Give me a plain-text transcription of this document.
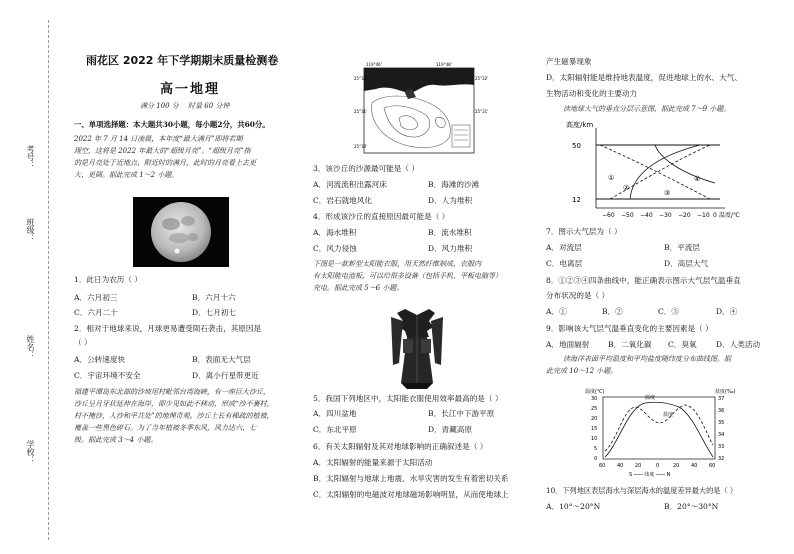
考号：
班级：
姓名：
学校：
雨花区 2022 年下学期期末质量检测卷
高一地理
满分 100 分　 时量 60 分钟
一、单项选择题：本大题共30小题，每小题2分，共60分。
2022 年 7 月 14 日凌晨，本年度“最大满月”即将若期
现空，这将是 2022 年最大的“超级月亮”。“超级月亮”指
的是月亮处于近地点、附近时的满月，此时的月亮看上去更
大、更圆。据此完成 1～2 小题。
1．此日为农历（ ）
A．六月初三	B．六月十六
C．六月二十	D．七月初七
2．相对于地球来说，月球更易遭受陨石袭击，其原因是
（ ）
A．公转速度快	B．表面无大气层
C．宇宙环境不安全	D．离小行星带更近
福建平潭岛东北部的沙坡尾村毗邻台湾海峡，有一座巨大沙丘，
沙丘呈月牙状延伸在海岸，即少见如此不移动，形成“沙不裹村，
村不掩沙，人沙和平共处”的地理奇观。沙丘上长有稀疏的植被，
覆盖一些黑色碎石。为了当年植被冬季东风，风力达六、七
级。据此完成 3～4 小题。
119°46'	119°48'
25°32'
25°31'
25°30'
25°32'
25°31'
3．该沙丘的沙源最可能是（ ）
A．河流流积出露河床	B．海滩的沙滩
C．岩石就地风化	D．人为堆积
4．形成该沙丘的直接原因最可能是（ ）
A．海水堆积	B．流水堆积
C．风力侵蚀	D．风力堆积
下图是一款新型太阳能衣服，用天然纤维制成，衣服内
有太阳能电池板，可以给很多设备（包括手机、平板电脑等）
充电。据此完成 5～6 小题。
5．我国下列地区中，太阳能衣服使用效率最高的是（ ）
A．四川盆地	B．长江中下游平原
C．东北平原	D．青藏高原
6．有关太阳辐射及其对地球影响的正确叙述是（ ）
A．太阳辐射的能量来源于太阳活动
B．太阳辐射与地球上地震、水旱灾害的发生有着密切关系
C．太阳辐射的电磁波对地球磁场影响明显，从而使地球上
产生磁暴现象
D．太阳辐射能是维持地表温度，促进地球上的水、大气、
生物活动和变化的主要动力
读地球大气的垂直分层示意图，据此完成 7～9 小题。
高度/km
50
12
①
②
③
④
−60 −50 −40 −30 −20 −10 0 温度/℃
7．图示大气层为（ ）
A．对流层	B．平流层
C．电离层	D．高层大气
8．①②③④四条曲线中，能正确表示图示大气层气温垂直
分布状况的是（ ）
A．①	B．②	C．③	D．④
9．影响该大气层气温垂直变化的主要因素是（ ）
A．地面辐射 B．二氧化碳 C．臭氧	D．人类活动
读海洋表面平均温度和平均盐度随纬度分布曲线图。据
此完成 10～12 小题。
温度(℃)	盐度(‰)
30
25
20
15
10
5
0
37
36
35
34
33
32
温度
盐度
60 40 20	0	20 40 60
S ─── 纬度 ─── N
10．下列地区表层海水与深层海水的温度差异最大的是（ ）
A．10°～20°N	B．20°～30°N
